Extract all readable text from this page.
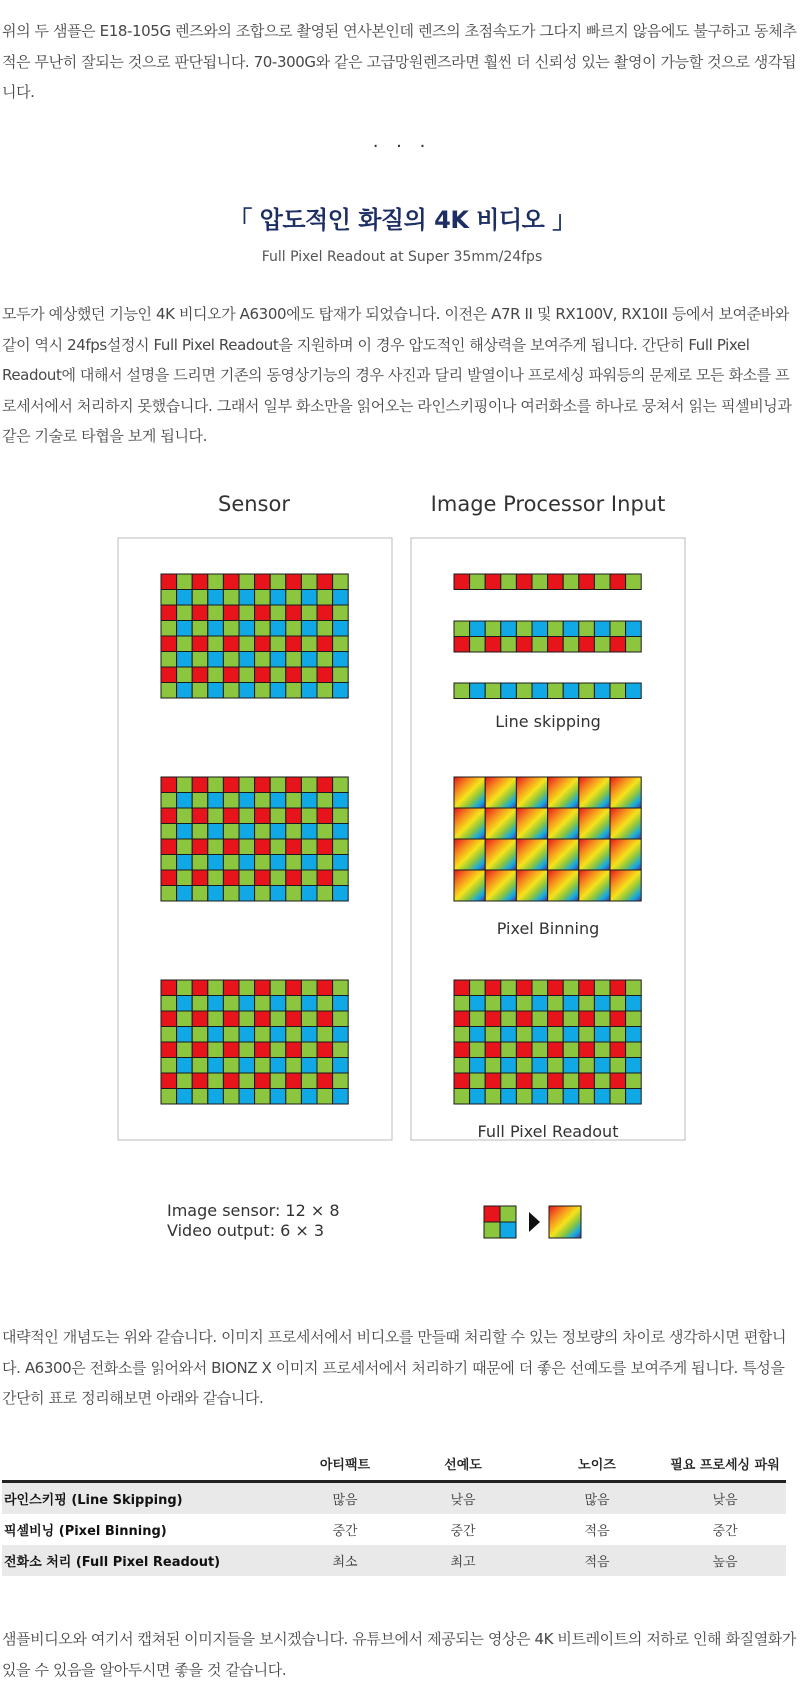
위의 두 샘플은 E18-105G 렌즈와의 조합으로 촬영된 연사본인데 렌즈의 초점속도가 그다지 빠르지 않음에도 불구하고 동체추적은 무난히 잘되는 것으로 판단됩니다. 70-300G와 같은 고급망원렌즈라면 훨씬 더 신뢰성 있는 촬영이 가능할 것으로 생각됩니다.

· · ·
「 압도적인 화질의 4K 비디오 」
Full Pixel Readout at Super 35mm/24fps

모두가 예상했던 기능인 4K 비디오가 A6300에도 탑재가 되었습니다. 이전은 A7R II 및 RX100V, RX10II 등에서 보여준바와 같이 역시 24fps설정시 Full Pixel Readout을 지원하며 이 경우 압도적인 해상력을 보여주게 됩니다. 간단히 Full Pixel Readout에 대해서 설명을 드리면 기존의 동영상기능의 경우 사진과 달리 발열이나 프로세싱 파워등의 문제로 모든 화소를 프로세서에서 처리하지 못했습니다. 그래서 일부 화소만을 읽어오는 라인스키핑이나 여러화소를 하나로 뭉쳐서 읽는 픽셀비닝과 같은 기술로 타협을 보게 됩니다.

Sensor	Image Processor Input
Line skipping
Pixel Binning
Full Pixel Readout
Image sensor: 12 × 8
Video output: 6 × 3

대략적인 개념도는 위와 같습니다. 이미지 프로세서에서 비디오를 만들때 처리할 수 있는 정보량의 차이로 생각하시면 편합니다. A6300은 전화소를 읽어와서 BIONZ X 이미지 프로세서에서 처리하기 때문에 더 좋은 선예도를 보여주게 됩니다. 특성을 간단히 표로 정리해보면 아래와 같습니다.

	아티팩트	선예도	노이즈	필요 프로세싱 파워
라인스키핑 (Line Skipping)	많음	낮음	많음	낮음
픽셀비닝 (Pixel Binning)	중간	중간	적음	중간
전화소 처리 (Full Pixel Readout)	최소	최고	적음	높음

샘플비디오와 여기서 캡쳐된 이미지들을 보시겠습니다. 유튜브에서 제공되는 영상은 4K 비트레이트의 저하로 인해 화질열화가 있을 수 있음을 알아두시면 좋을 것 같습니다.
